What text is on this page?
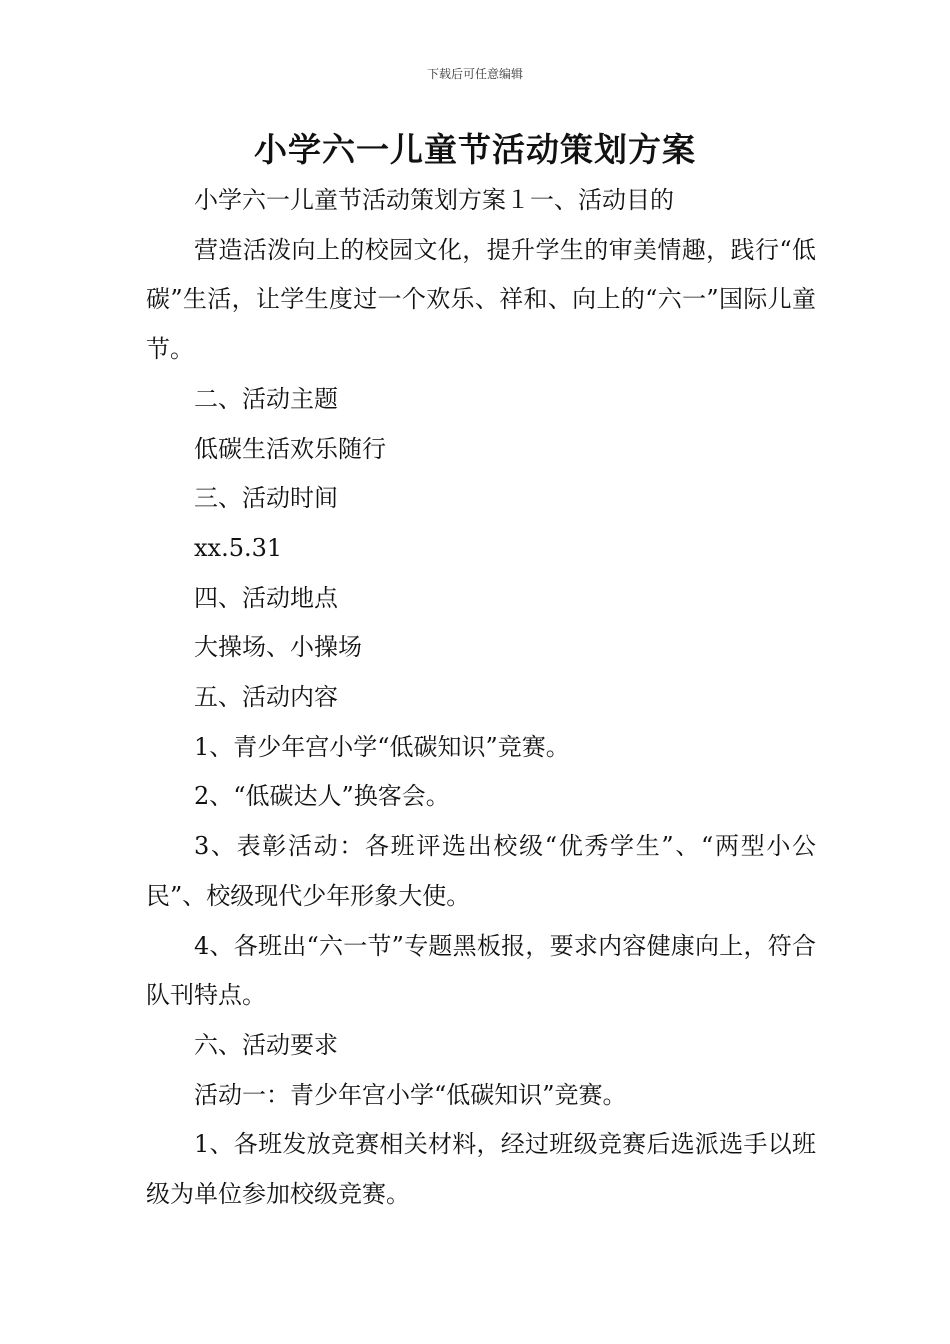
下载后可任意编辑
小学六一儿童节活动策划方案

小学六一儿童节活动策划方案１一、活动目的

营造活泼向上的校园文化，提升学生的审美情趣，践行“低碳”生活，让学生度过一个欢乐、祥和、向上的“六一”国际儿童节。

二、活动主题

低碳生活欢乐随行

三、活动时间

xx.5.31

四、活动地点

大操场、小操场

五、活动内容

1、青少年宫小学“低碳知识”竞赛。

2、“低碳达人”换客会。

3、表彰活动：各班评选出校级“优秀学生”、“两型小公民”、校级现代少年形象大使。

4、各班出“六一节”专题黑板报，要求内容健康向上，符合队刊特点。

六、活动要求

活动一：青少年宫小学“低碳知识”竞赛。

1、各班发放竞赛相关材料，经过班级竞赛后选派选手以班级为单位参加校级竞赛。
